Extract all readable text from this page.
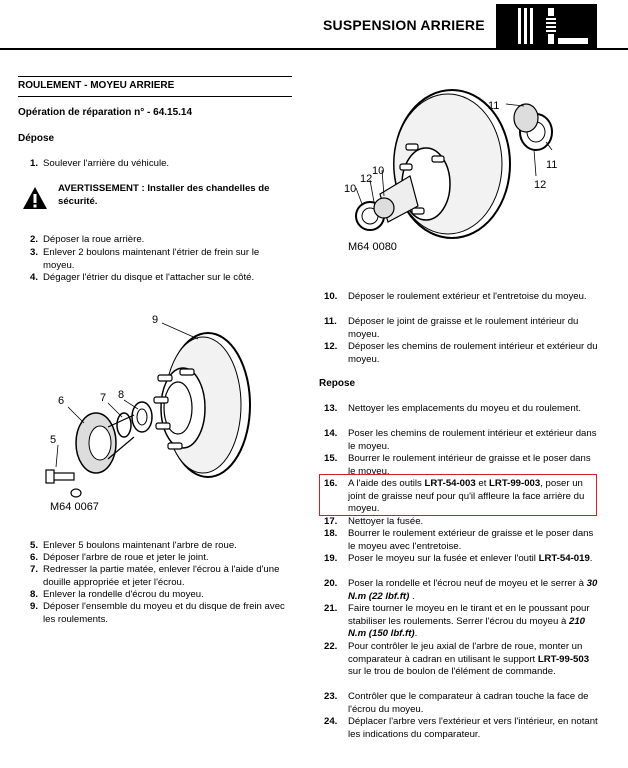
SUSPENSION ARRIERE
ROULEMENT - MOYEU ARRIERE
Opération de réparation n° - 64.15.14
Dépose
1. Soulever l'arrière du véhicule.
AVERTISSEMENT : Installer des chandelles de sécurité.
2. Déposer la roue arrière.
3. Enlever 2 boulons maintenant l'étrier de frein sur le moyeu.
4. Dégager l'étrier du disque et l'attacher sur le côté.
9
8
7
6
5
M64 0067
5. Enlever 5 boulons maintenant l'arbre de roue.
6. Déposer l'arbre de roue et jeter le joint.
7. Redresser la partie matée, enlever l'écrou à l'aide d'une douille appropriée et jeter l'écrou.
8. Enlever la rondelle d'écrou du moyeu.
9. Déposer l'ensemble du moyeu et du disque de frein avec les roulements.
11
11
12
10
12
10
M64 0080
10. Déposer le roulement extérieur et l'entretoise du moyeu.
11. Déposer le joint de graisse et le roulement intérieur du moyeu.
12. Déposer les chemins de roulement intérieur et extérieur du moyeu.
Repose
13. Nettoyer les emplacements du moyeu et du roulement.
14. Poser les chemins de roulement intérieur et extérieur dans le moyeu.
15. Bourrer le roulement intérieur de graisse et le poser dans le moyeu.
16. A l'aide des outils LRT-54-003 et LRT-99-003, poser un joint de graisse neuf pour qu'il affleure la face arrière du moyeu.
17. Nettoyer la fusée.
18. Bourrer le roulement extérieur de graisse et le poser dans le moyeu avec l'entretoise.
19. Poser le moyeu sur la fusée et enlever l'outil LRT-54-019.
20. Poser la rondelle et l'écrou neuf de moyeu et le serrer à 30 N.m (22 lbf.ft) .
21. Faire tourner le moyeu en le tirant et en le poussant pour stabiliser les roulements. Serrer l'écrou du moyeu à 210 N.m (150 lbf.ft).
22. Pour contrôler le jeu axial de l'arbre de roue, monter un comparateur à cadran en utilisant le support LRT-99-503 sur le trou de boulon de l'élément de commande.
23. Contrôler que le comparateur à cadran touche la face de l'écrou du moyeu.
24. Déplacer l'arbre vers l'extérieur et vers l'intérieur, en notant les indications du comparateur.
